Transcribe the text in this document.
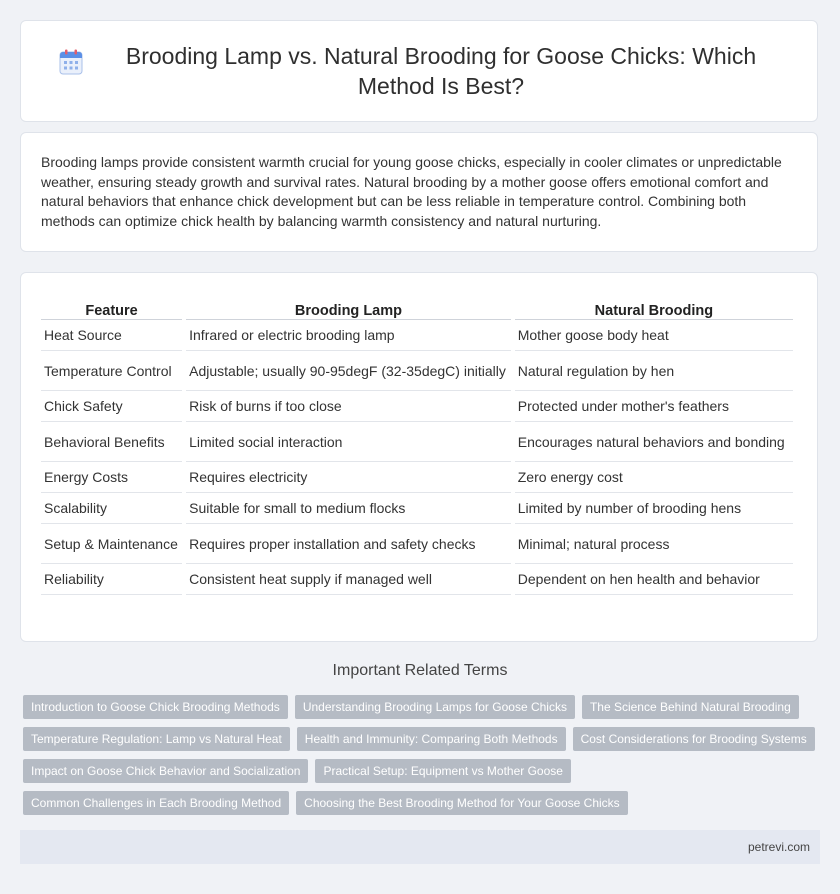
Brooding Lamp vs. Natural Brooding for Goose Chicks: Which Method Is Best?

Brooding lamps provide consistent warmth crucial for young goose chicks, especially in cooler climates or unpredictable weather, ensuring steady growth and survival rates. Natural brooding by a mother goose offers emotional comfort and natural behaviors that enhance chick development but can be less reliable in temperature control. Combining both methods can optimize chick health by balancing warmth consistency and natural nurturing.

Feature	Brooding Lamp	Natural Brooding
Heat Source	Infrared or electric brooding lamp	Mother goose body heat
Temperature Control	Adjustable; usually 90-95degF (32-35degC) initially	Natural regulation by hen
Chick Safety	Risk of burns if too close	Protected under mother's feathers
Behavioral Benefits	Limited social interaction	Encourages natural behaviors and bonding
Energy Costs	Requires electricity	Zero energy cost
Scalability	Suitable for small to medium flocks	Limited by number of brooding hens
Setup & Maintenance	Requires proper installation and safety checks	Minimal; natural process
Reliability	Consistent heat supply if managed well	Dependent on hen health and behavior
Important Related Terms
Introduction to Goose Chick Brooding Methods	Understanding Brooding Lamps for Goose Chicks	The Science Behind Natural Brooding
Temperature Regulation: Lamp vs Natural Heat	Health and Immunity: Comparing Both Methods	Cost Considerations for Brooding Systems
Impact on Goose Chick Behavior and Socialization	Practical Setup: Equipment vs Mother Goose
Common Challenges in Each Brooding Method	Choosing the Best Brooding Method for Your Goose Chicks
petrevi.com
